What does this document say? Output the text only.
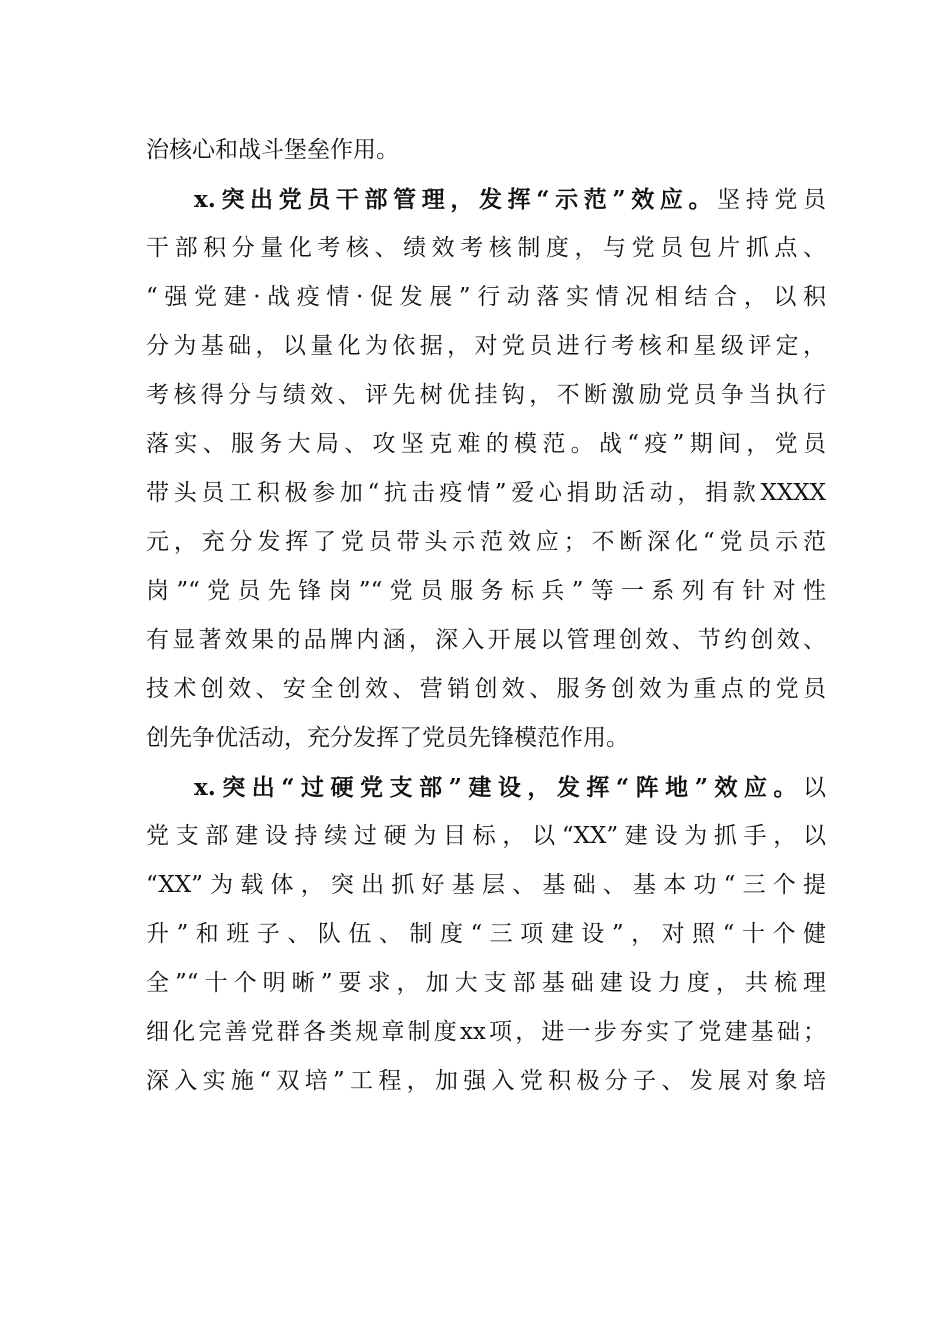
治核心和战斗堡垒作用。
x.突出党员干部管理，发挥“示范”效应。坚持党员
干部积分量化考核、绩效考核制度，与党员包片抓点、
“强党建·战疫情·促发展”行动落实情况相结合，以积
分为基础，以量化为依据，对党员进行考核和星级评定，
考核得分与绩效、评先树优挂钩，不断激励党员争当执行
落实、服务大局、攻坚克难的模范。战“疫”期间，党员
带头员工积极参加“抗击疫情”爱心捐助活动，捐款XXXX
元，充分发挥了党员带头示范效应；不断深化“党员示范
岗”“党员先锋岗”“党员服务标兵”等一系列有针对性
有显著效果的品牌内涵，深入开展以管理创效、节约创效、
技术创效、安全创效、营销创效、服务创效为重点的党员
创先争优活动，充分发挥了党员先锋模范作用。
x.突出“过硬党支部”建设，发挥“阵地”效应。以
党支部建设持续过硬为目标，以“XX”建设为抓手，以
“XX”为载体，突出抓好基层、基础、基本功“三个提
升”和班子、队伍、制度“三项建设”，对照“十个健
全”“十个明晰”要求，加大支部基础建设力度，共梳理
细化完善党群各类规章制度xx项，进一步夯实了党建基础；
深入实施“双培”工程，加强入党积极分子、发展对象培
